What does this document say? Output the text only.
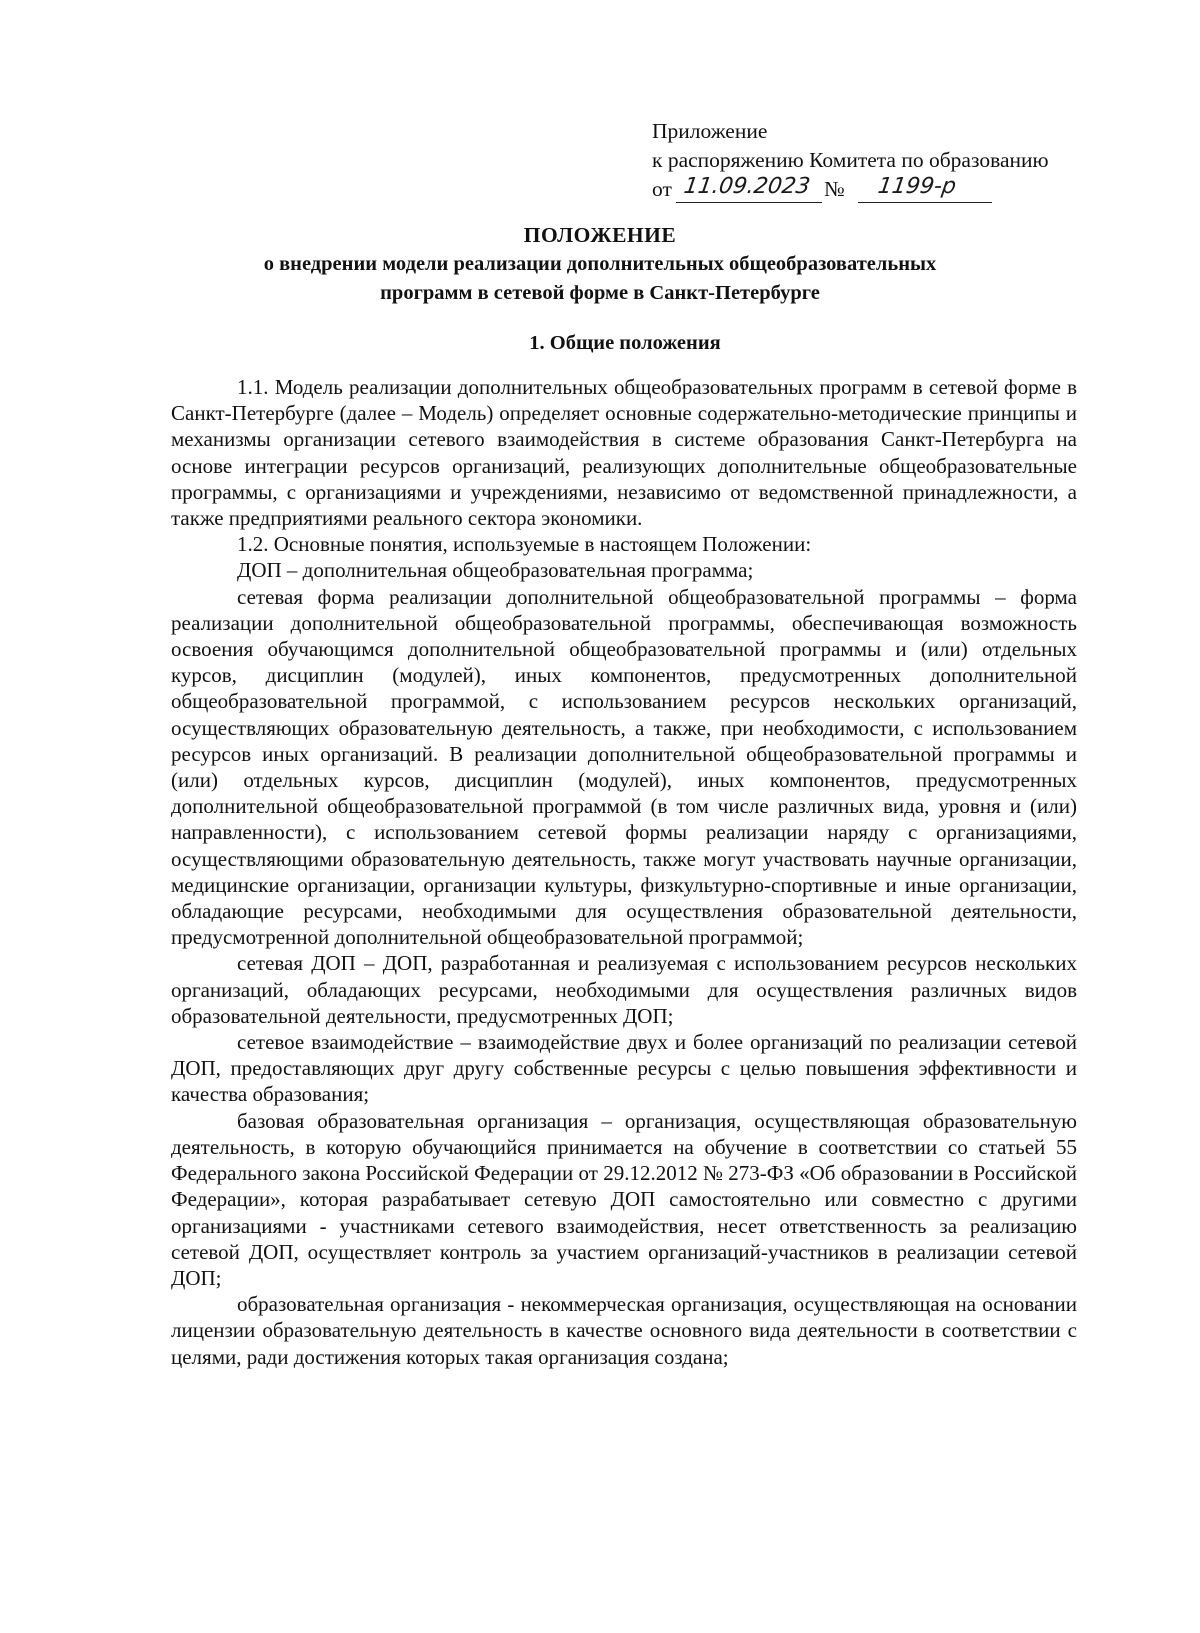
Приложение
к распоряжению Комитета по образованию
от 11.09.2023 № 1199-р
ПОЛОЖЕНИЕ
о внедрении модели реализации дополнительных общеобразовательных
программ в сетевой форме в Санкт-Петербурге
1. Общие положения

1.1. Модель реализации дополнительных общеобразовательных программ в сетевой форме в Санкт-Петербурге (далее – Модель) определяет основные содержательно-методические принципы и механизмы организации сетевого взаимодействия в системе образования Санкт-Петербурга на основе интеграции ресурсов организаций, реализующих дополнительные общеобразовательные программы, с организациями и учреждениями, независимо от ведомственной принадлежности, а также предприятиями реального сектора экономики.

1.2. Основные понятия, используемые в настоящем Положении:

ДОП – дополнительная общеобразовательная программа;

сетевая форма реализации дополнительной общеобразовательной программы – форма реализации дополнительной общеобразовательной программы, обеспечивающая возможность освоения обучающимся дополнительной общеобразовательной программы и (или) отдельных курсов, дисциплин (модулей), иных компонентов, предусмотренных дополнительной общеобразовательной программой, с использованием ресурсов нескольких организаций, осуществляющих образовательную деятельность, а также, при необходимости, с использованием ресурсов иных организаций. В реализации дополнительной общеобразовательной программы и (или) отдельных курсов, дисциплин (модулей), иных компонентов, предусмотренных дополнительной общеобразовательной программой (в том числе различных вида, уровня и (или) направленности), с использованием сетевой формы реализации наряду с организациями, осуществляющими образовательную деятельность, также могут участвовать научные организации, медицинские организации, организации культуры, физкультурно-спортивные и иные организации, обладающие ресурсами, необходимыми для осуществления образовательной деятельности, предусмотренной дополнительной общеобразовательной программой;

сетевая ДОП – ДОП, разработанная и реализуемая с использованием ресурсов нескольких организаций, обладающих ресурсами, необходимыми для осуществления различных видов образовательной деятельности, предусмотренных ДОП;

сетевое взаимодействие – взаимодействие двух и более организаций по реализации сетевой ДОП, предоставляющих друг другу собственные ресурсы с целью повышения эффективности и качества образования;

базовая образовательная организация – организация, осуществляющая образовательную деятельность, в которую обучающийся принимается на обучение в соответствии со статьей 55 Федерального закона Российской Федерации от 29.12.2012 № 273-ФЗ «Об образовании в Российской Федерации», которая разрабатывает сетевую ДОП самостоятельно или совместно с другими организациями - участниками сетевого взаимодействия, несет ответственность за реализацию сетевой ДОП, осуществляет контроль за участием организаций-участников в реализации сетевой ДОП;

образовательная организация - некоммерческая организация, осуществляющая на основании лицензии образовательную деятельность в качестве основного вида деятельности в соответствии с целями, ради достижения которых такая организация создана;
